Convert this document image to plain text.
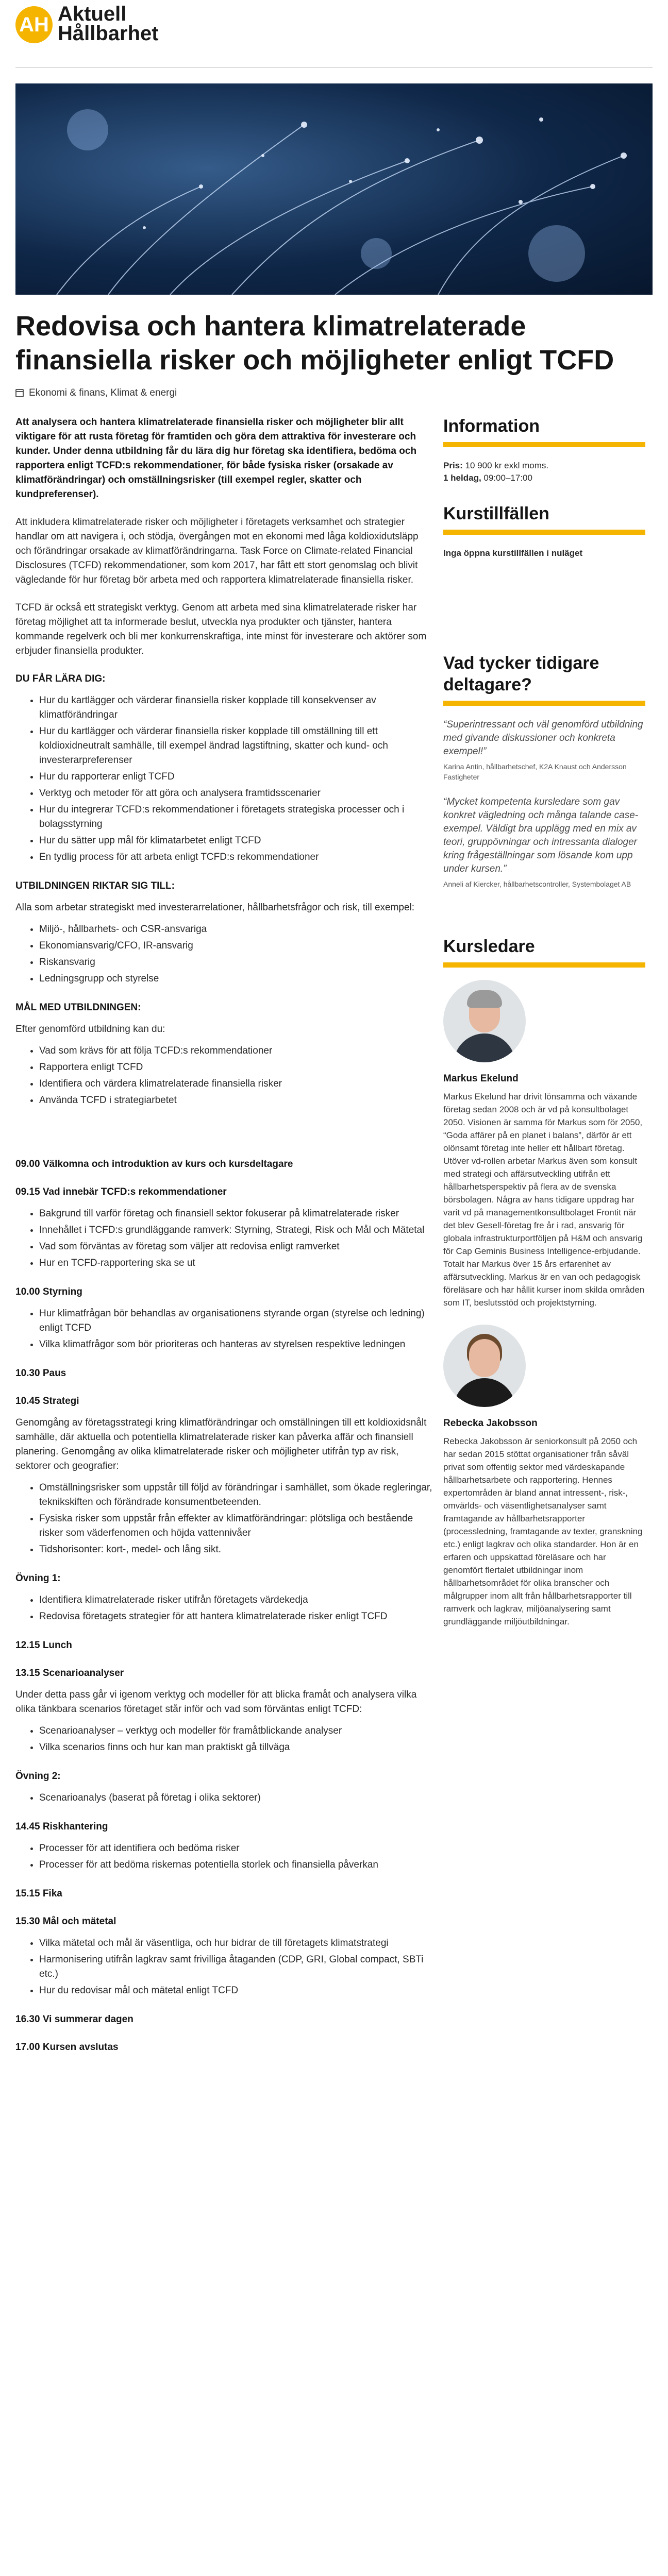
AH Aktuell
Hållbarhet
Redovisa och hantera klimatrelaterade finansiella risker och möjligheter enligt TCFD
Ekonomi & finans, Klimat & energi

Att analysera och hantera klimatrelaterade finansiella risker och möjligheter blir allt viktigare för att rusta företag för framtiden och göra dem attraktiva för investerare och kunder. Under denna utbildning får du lära dig hur företag ska identifiera, bedöma och rapportera enligt TCFD:s rekommendationer, för både fysiska risker (orsakade av klimatförändringar) och omställningsrisker (till exempel regler, skatter och kundpreferenser).

Att inkludera klimatrelaterade risker och möjligheter i företagets verksamhet och strategier handlar om att navigera i, och stödja, övergången mot en ekonomi med låga koldioxidutsläpp och förändringar orsakade av klimatförändringarna. Task Force on Climate-related Financial Disclosures (TCFD) rekommendationer, som kom 2017, har fått ett stort genomslag och blivit vägledande för hur företag bör arbeta med och rapportera klimatrelaterade finansiella risker.

TCFD är också ett strategiskt verktyg. Genom att arbeta med sina klimatrelaterade risker har företag möjlighet att ta informerade beslut, utveckla nya produkter och tjänster, hantera kommande regelverk och bli mer konkurrenskraftiga, inte minst för investerare och aktörer som erbjuder finansiella produkter.

DU FÅR LÄRA DIG:
• Hur du kartlägger och värderar finansiella risker kopplade till konsekvenser av klimatförändringar
• Hur du kartlägger och värderar finansiella risker kopplade till omställning till ett koldioxidneutralt samhälle, till exempel ändrad lagstiftning, skatter och kund- och investerarpreferenser
• Hur du rapporterar enligt TCFD
• Verktyg och metoder för att göra och analysera framtidsscenarier
• Hur du integrerar TCFD:s rekommendationer i företagets strategiska processer och i bolagsstyrning
• Hur du sätter upp mål för klimatarbetet enligt TCFD
• En tydlig process för att arbeta enligt TCFD:s rekommendationer
UTBILDNINGEN RIKTAR SIG TILL:

Alla som arbetar strategiskt med investerarrelationer, hållbarhetsfrågor och risk, till exempel:

• Miljö-, hållbarhets- och CSR-ansvariga
• Ekonomiansvarig/CFO, IR-ansvarig
• Riskansvarig
• Ledningsgrupp och styrelse
MÅL MED UTBILDNINGEN:

Efter genomförd utbildning kan du:

• Vad som krävs för att följa TCFD:s rekommendationer
• Rapportera enligt TCFD
• Identifiera och värdera klimatrelaterade finansiella risker
• Använda TCFD i strategiarbetet
09.00 Välkomna och introduktion av kurs och kursdeltagare
09.15 Vad innebär TCFD:s rekommendationer
• Bakgrund till varför företag och finansiell sektor fokuserar på klimatrelaterade risker
• Innehållet i TCFD:s grundläggande ramverk: Styrning, Strategi, Risk och Mål och Mätetal
• Vad som förväntas av företag som väljer att redovisa enligt ramverket
• Hur en TCFD-rapportering ska se ut
10.00 Styrning
• Hur klimatfrågan bör behandlas av organisationens styrande organ (styrelse och ledning) enligt TCFD
• Vilka klimatfrågor som bör prioriteras och hanteras av styrelsen respektive ledningen
10.30 Paus
10.45 Strategi

Genomgång av företagsstrategi kring klimatförändringar och omställningen till ett koldioxidsnålt samhälle, där aktuella och potentiella klimatrelaterade risker kan påverka affär och finansiell planering. Genomgång av olika klimatrelaterade risker och möjligheter utifrån typ av risk, sektorer och geografier:

• Omställningsrisker som uppstår till följd av förändringar i samhället, som ökade regleringar, teknikskiften och förändrade konsumentbeteenden.
• Fysiska risker som uppstår från effekter av klimatförändringar: plötsliga och bestående risker som väderfenomen och höjda vattennivåer
• Tidshorisonter: kort-, medel- och lång sikt.
Övning 1:
• Identifiera klimatrelaterade risker utifrån företagets värdekedja
• Redovisa företagets strategier för att hantera klimatrelaterade risker enligt TCFD
12.15 Lunch
13.15 Scenarioanalyser

Under detta pass går vi igenom verktyg och modeller för att blicka framåt och analysera vilka olika tänkbara scenarios företaget står inför och vad som förväntas enligt TCFD:

• Scenarioanalyser – verktyg och modeller för framåtblickande analyser
• Vilka scenarios finns och hur kan man praktiskt gå tillväga
Övning 2:
• Scenarioanalys (baserat på företag i olika sektorer)
14.45 Riskhantering
• Processer för att identifiera och bedöma risker
• Processer för att bedöma riskernas potentiella storlek och finansiella påverkan
15.15 Fika
15.30 Mål och mätetal
• Vilka mätetal och mål är väsentliga, och hur bidrar de till företagets klimatstrategi
• Harmonisering utifrån lagkrav samt frivilliga åtaganden (CDP, GRI, Global compact, SBTi etc.)
• Hur du redovisar mål och mätetal enligt TCFD
16.30 Vi summerar dagen
17.00 Kursen avslutas
Information
Pris: 10 900 kr exkl moms.
1 heldag, 09:00–17:00
Kurstillfällen
Inga öppna kurstillfällen i nuläget
Vad tycker tidigare deltagare?
“Superintressant och väl genomförd utbildning med givande diskussioner och konkreta exempel!”
Karina Antin, hållbarhetschef, K2A Knaust och Andersson Fastigheter
“Mycket kompetenta kursledare som gav konkret vägledning och många talande case-exempel. Väldigt bra upplägg med en mix av teori, gruppövningar och intressanta dialoger kring frågeställningar som lösande kom upp under kursen.”
Anneli af Kiercker, hållbarhetscontroller, Systembolaget AB
Kursledare
Markus Ekelund
Markus Ekelund har drivit lönsamma och växande företag sedan 2008 och är vd på konsultbolaget 2050. Visionen är samma för Markus som för 2050, “Goda affärer på en planet i balans”, därför är ett olönsamt företag inte heller ett hållbart företag. Utöver vd-rollen arbetar Markus även som konsult med strategi och affärsutveckling utifrån ett hållbarhetsperspektiv på flera av de svenska börsbolagen. Några av hans tidigare uppdrag har varit vd på managementkonsultbolaget Frontit när det blev Gesell-företag fre år i rad, ansvarig för globala infrastrukturportföljen på H&M och ansvarig för Cap Geminis Business Intelligence-erbjudande. Totalt har Markus över 15 års erfarenhet av affärsutveckling. Markus är en van och pedagogisk föreläsare och har hållit kurser inom skilda områden som IT, beslutsstöd och projektstyrning.
Rebecka Jakobsson
Rebecka Jakobsson är seniorkonsult på 2050 och har sedan 2015 stöttat organisationer från såväl privat som offentlig sektor med värdeskapande hållbarhetsarbete och rapportering. Hennes expertområden är bland annat intressent-, risk-, omvärlds- och väsentlighetsanalyser samt framtagande av hållbarhetsrapporter (processledning, framtagande av texter, granskning etc.) enligt lagkrav och olika standarder. Hon är en erfaren och uppskattad föreläsare och har genomfört flertalet utbildningar inom hållbarhetsområdet för olika branscher och målgrupper inom allt från hållbarhetsrapporter till ramverk och lagkrav, miljöanalysering samt grundläggande miljöutbildningar.
